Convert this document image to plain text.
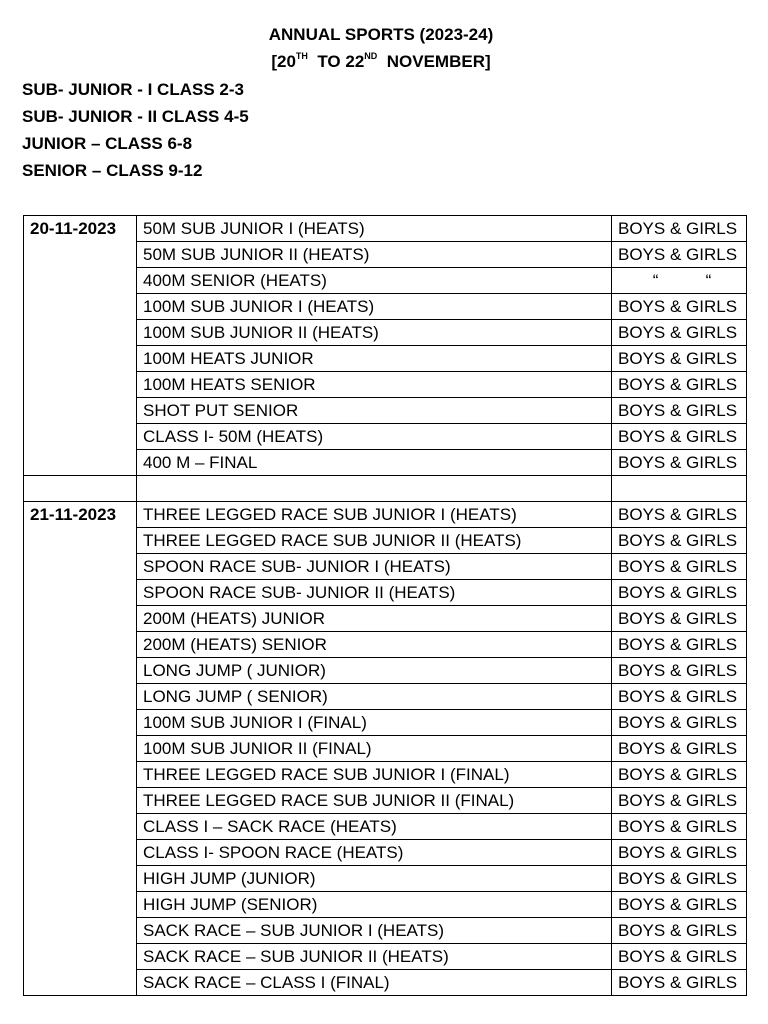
ANNUAL SPORTS (2023-24)
[20TH TO 22ND NOVEMBER]
SUB- JUNIOR - I CLASS 2-3
SUB- JUNIOR - II CLASS 4-5
JUNIOR – CLASS 6-8
SENIOR – CLASS 9-12
20-11-2023	50M SUB JUNIOR I (HEATS)	BOYS & GIRLS
	50M SUB JUNIOR II (HEATS)	BOYS & GIRLS
	400M SENIOR (HEATS)	“          “
	100M SUB JUNIOR I (HEATS)	BOYS & GIRLS
	100M SUB JUNIOR II (HEATS)	BOYS & GIRLS
	100M HEATS JUNIOR	BOYS & GIRLS
	100M HEATS SENIOR	BOYS & GIRLS
	SHOT PUT SENIOR	BOYS & GIRLS
	CLASS I- 50M (HEATS)	BOYS & GIRLS
	400 M – FINAL	BOYS & GIRLS

21-11-2023	THREE LEGGED RACE SUB JUNIOR I (HEATS)	BOYS & GIRLS
	THREE LEGGED RACE SUB JUNIOR II (HEATS)	BOYS & GIRLS
	SPOON RACE SUB- JUNIOR I (HEATS)	BOYS & GIRLS
	SPOON RACE SUB- JUNIOR II (HEATS)	BOYS & GIRLS
	200M (HEATS) JUNIOR	BOYS & GIRLS
	200M (HEATS) SENIOR	BOYS & GIRLS
	LONG JUMP ( JUNIOR)	BOYS & GIRLS
	LONG JUMP ( SENIOR)	BOYS & GIRLS
	100M SUB JUNIOR I (FINAL)	BOYS & GIRLS
	100M SUB JUNIOR II (FINAL)	BOYS & GIRLS
	THREE LEGGED RACE SUB JUNIOR I (FINAL)	BOYS & GIRLS
	THREE LEGGED RACE SUB JUNIOR II (FINAL)	BOYS & GIRLS
	CLASS I – SACK RACE (HEATS)	BOYS & GIRLS
	CLASS I- SPOON RACE (HEATS)	BOYS & GIRLS
	HIGH JUMP (JUNIOR)	BOYS & GIRLS
	HIGH JUMP (SENIOR)	BOYS & GIRLS
	SACK RACE – SUB JUNIOR I (HEATS)	BOYS & GIRLS
	SACK RACE – SUB JUNIOR II (HEATS)	BOYS & GIRLS
	SACK RACE – CLASS I (FINAL)	BOYS & GIRLS
